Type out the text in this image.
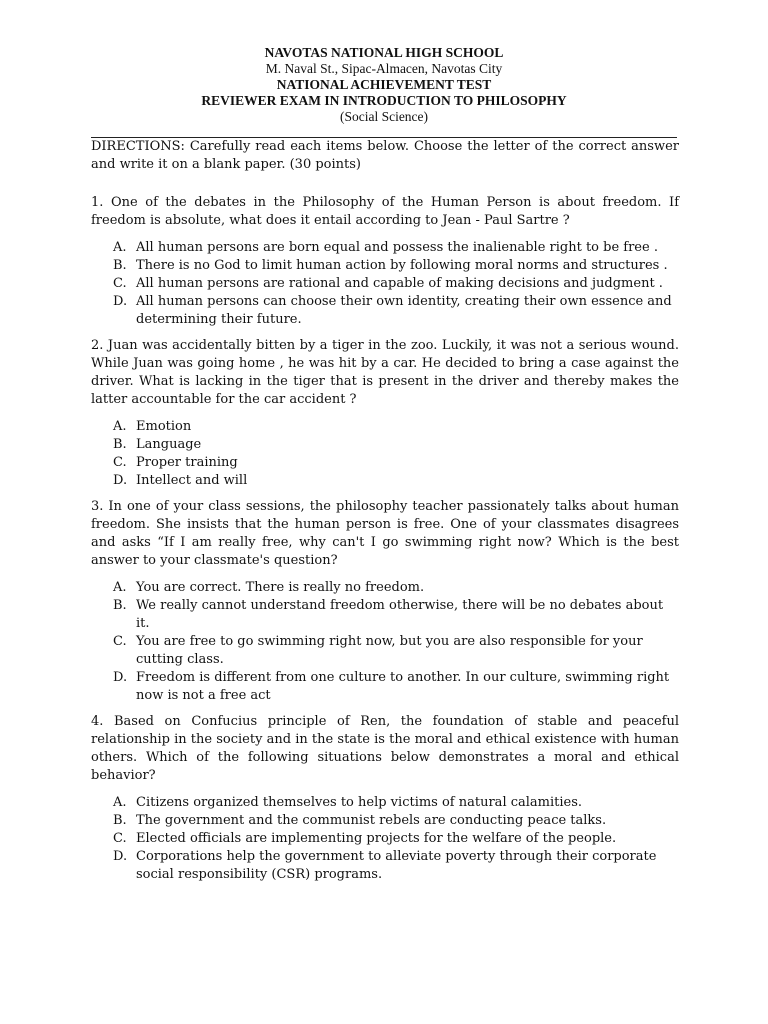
NAVOTAS NATIONAL HIGH SCHOOL
M. Naval St., Sipac-Almacen, Navotas City
NATIONAL ACHIEVEMENT TEST
REVIEWER EXAM IN INTRODUCTION TO PHILOSOPHY
(Social Science)

DIRECTIONS: Carefully read each items below. Choose the letter of the correct answer and write it on a blank paper. (30 points)

1. One of the debates in the Philosophy of the Human Person is about freedom. If freedom is absolute, what does it entail according to Jean - Paul Sartre ?

A. All human persons are born equal and possess the inalienable right to be free .
B. There is no God to limit human action by following moral norms and structures .
C. All human persons are rational and capable of making decisions and judgment .
D. All human persons can choose their own identity, creating their own essence and determining their future.

2. Juan was accidentally bitten by a tiger in the zoo. Luckily, it was not a serious wound. While Juan was going home , he was hit by a car. He decided to bring a case against the driver. What is lacking in the tiger that is present in the driver and thereby makes the latter accountable for the car accident ?

A. Emotion
B. Language
C. Proper training
D. Intellect and will

3. In one of your class sessions, the philosophy teacher passionately talks about human freedom. She insists that the human person is free. One of your classmates disagrees and asks “If I am really free, why can't I go swimming right now? Which is the best answer to your classmate's question?

A. You are correct. There is really no freedom.
B. We really cannot understand freedom otherwise, there will be no debates about it.
C. You are free to go swimming right now, but you are also responsible for your cutting class.
D. Freedom is different from one culture to another. In our culture, swimming right now is not a free act

4. Based on Confucius principle of Ren, the foundation of stable and peaceful relationship in the society and in the state is the moral and ethical existence with human others. Which of the following situations below demonstrates a moral and ethical behavior?

A. Citizens organized themselves to help victims of natural calamities.
B. The government and the communist rebels are conducting peace talks.
C. Elected officials are implementing projects for the welfare of the people.
D. Corporations help the government to alleviate poverty through their corporate social responsibility (CSR) programs.
